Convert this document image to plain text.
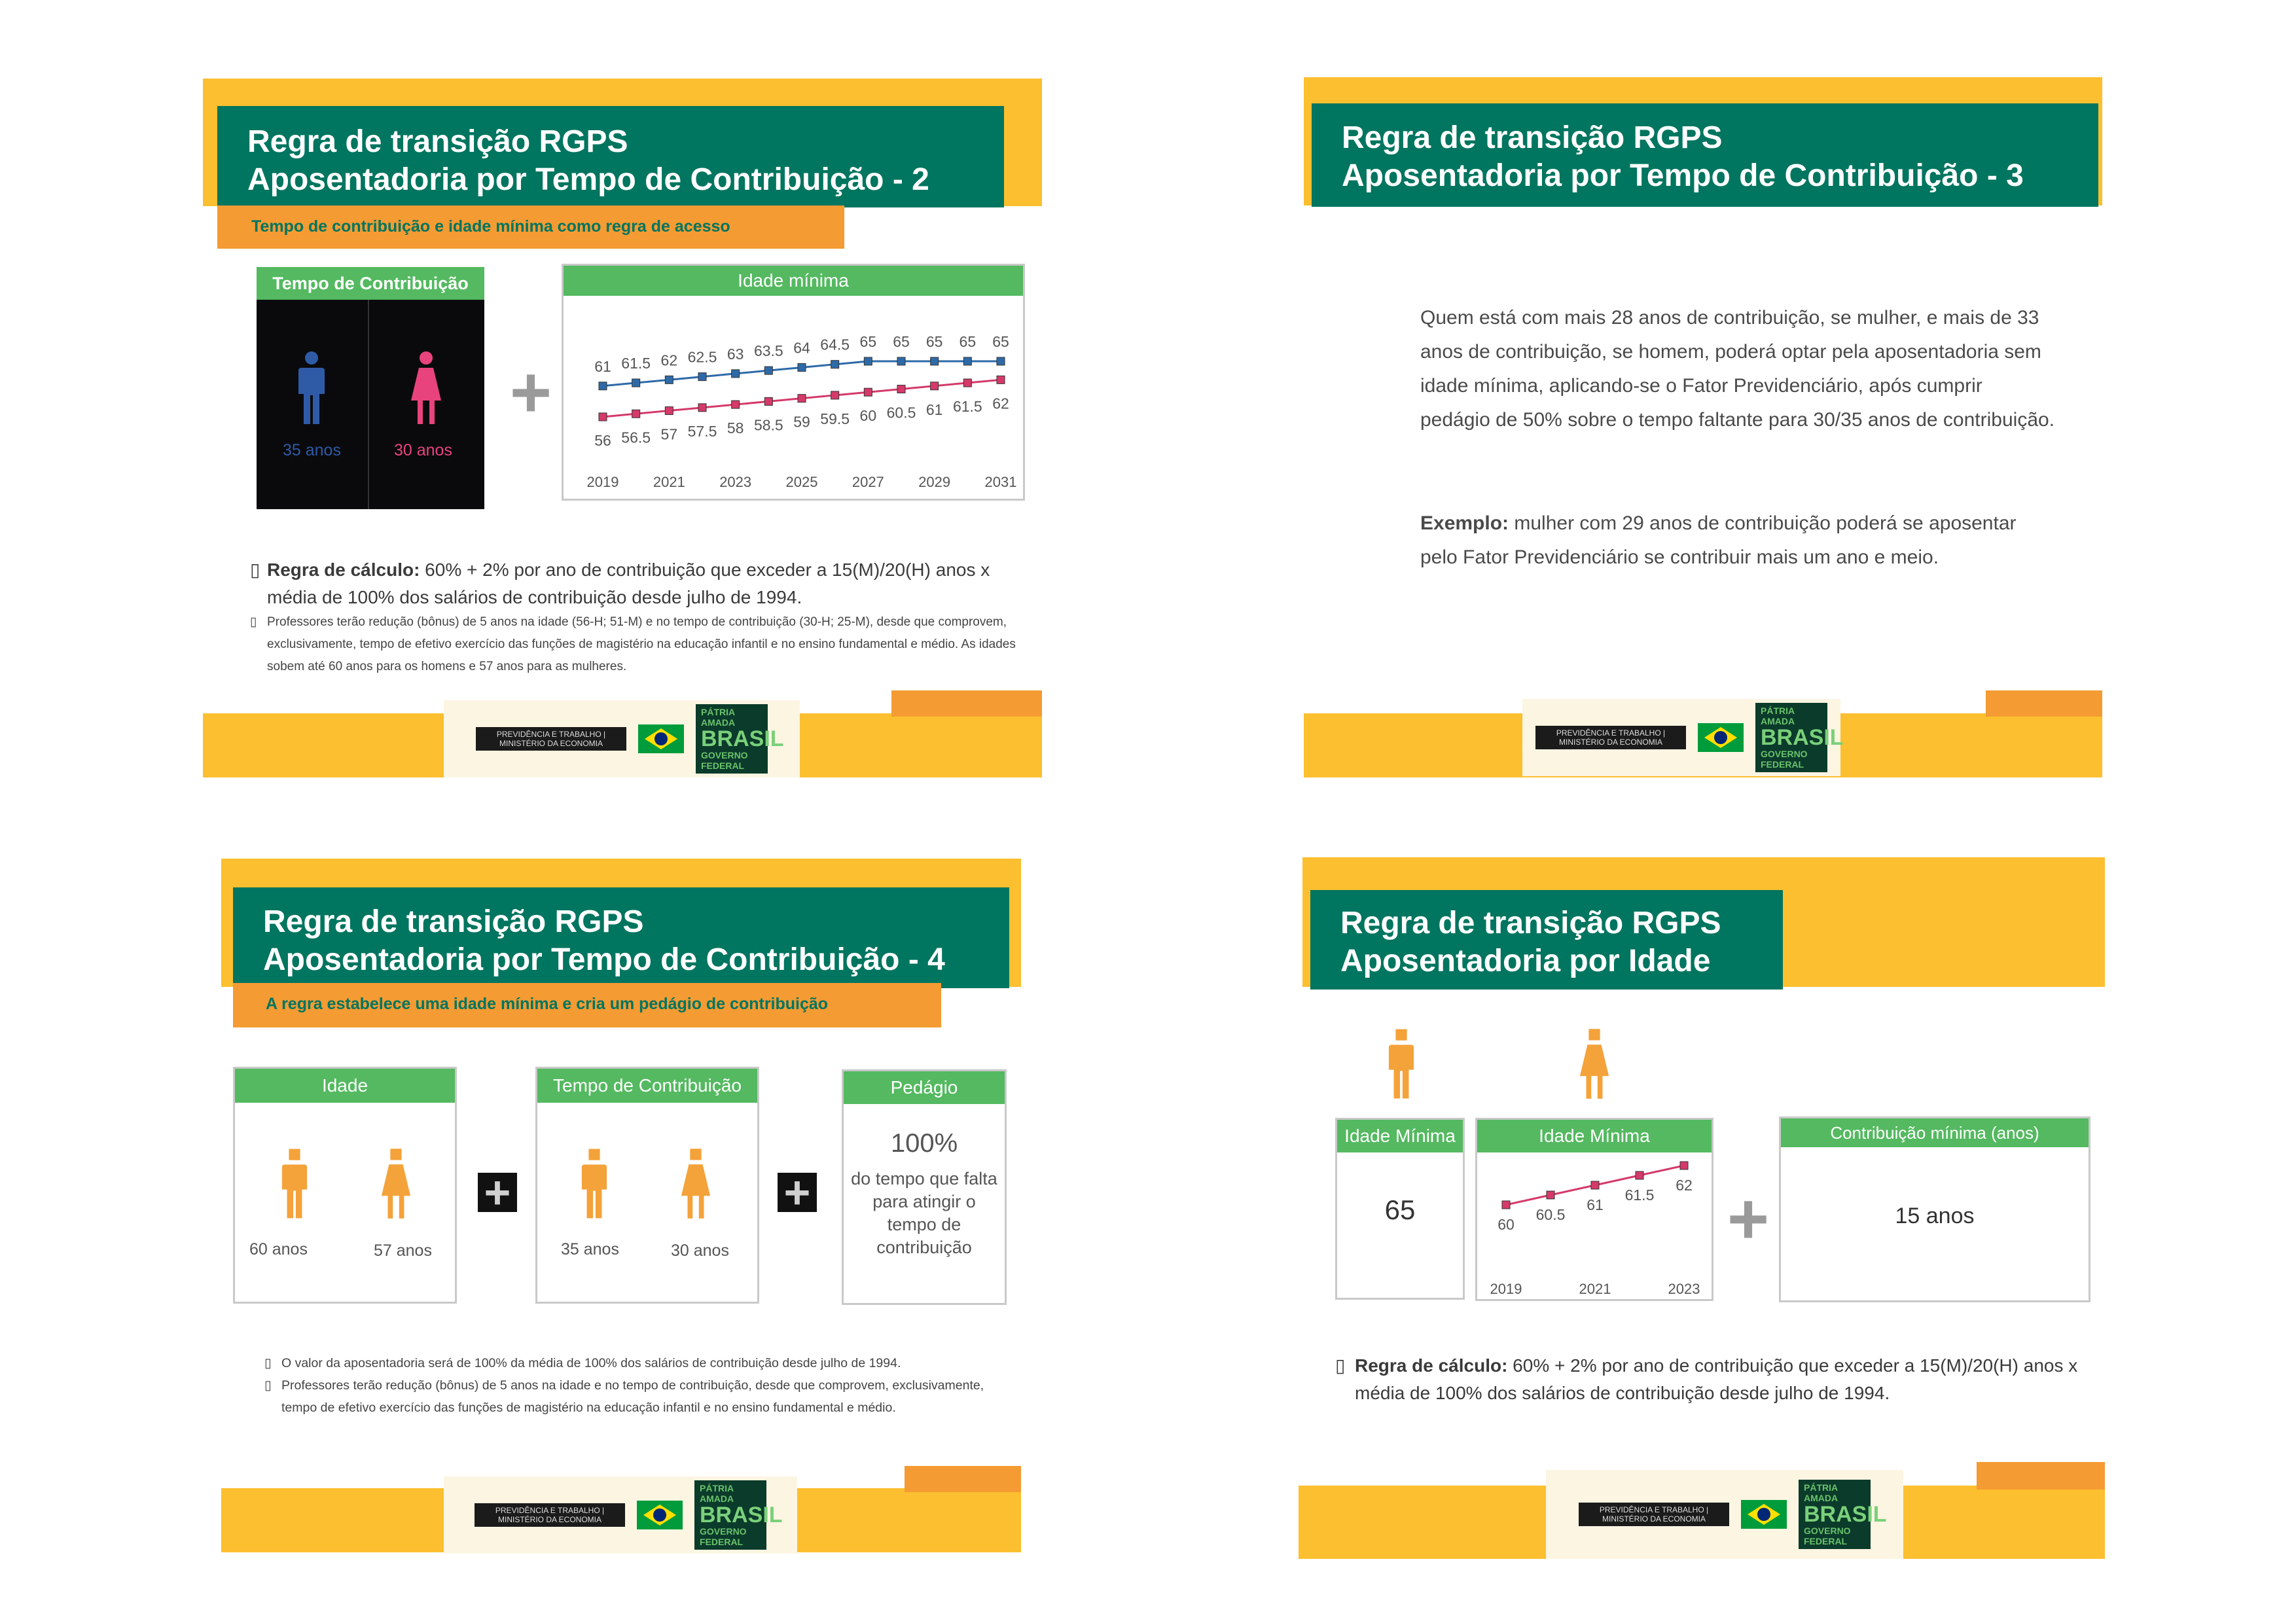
Regra de transição RGPS
Aposentadoria por Tempo de Contribuição - 2
Tempo de contribuição e idade mínima como regra de acesso
Tempo de Contribuição
35 anos	30 anos
+
Idade mínima
61 61.5 62 62.5 63 63.5 64 64.5 65 65 65 65 65
56 56.5 57 57.5 58 58.5 59 59.5 60 60.5 61 61.5 62
2019 2021 2023 2025 2027 2029 2031
▯ Regra de cálculo: 60% + 2% por ano de contribuição que exceder a 15(M)/20(H) anos x média de 100% dos salários de contribuição desde julho de 1994.
▯ Professores terão redução (bônus) de 5 anos na idade (56-H; 51-M) e no tempo de contribuição (30-H; 25-M), desde que comprovem, exclusivamente, tempo de efetivo exercício das funções de magistério na educação infantil e no ensino fundamental e médio. As idades sobem até 60 anos para os homens e 57 anos para as mulheres.
PREVIDÊNCIA E TRABALHO | MINISTÉRIO DA ECONOMIA
PÁTRIA AMADA
BRASIL
GOVERNO FEDERAL
Regra de transição RGPS
Aposentadoria por Tempo de Contribuição - 3
Quem está com mais 28 anos de contribuição, se mulher, e mais de 33 anos de contribuição, se homem, poderá optar pela aposentadoria sem idade mínima, aplicando-se o Fator Previdenciário, após cumprir pedágio de 50% sobre o tempo faltante para 30/35 anos de contribuição.
Exemplo: mulher com 29 anos de contribuição poderá se aposentar pelo Fator Previdenciário se contribuir mais um ano e meio.
PREVIDÊNCIA E TRABALHO | MINISTÉRIO DA ECONOMIA
PÁTRIA AMADA
BRASIL
GOVERNO FEDERAL
Regra de transição RGPS
Aposentadoria por Tempo de Contribuição - 4
A regra estabelece uma idade mínima e cria um pedágio de contribuição
Idade
60 anos	57 anos
+
Tempo de Contribuição
35 anos	30 anos
+
Pedágio
100%
do tempo que falta para atingir o tempo de contribuição
▯ O valor da aposentadoria será de 100% da média de 100% dos salários de contribuição desde julho de 1994.
▯ Professores terão redução (bônus) de 5 anos na idade e no tempo de contribuição, desde que comprovem, exclusivamente, tempo de efetivo exercício das funções de magistério na educação infantil e no ensino fundamental e médio.
PREVIDÊNCIA E TRABALHO | MINISTÉRIO DA ECONOMIA
PÁTRIA AMADA
BRASIL
GOVERNO FEDERAL
Regra de transição RGPS
Aposentadoria por Idade
Idade Mínima
65
Idade Mínima
60
60.5
61
61.5
62
2019	2021	2023
+
Contribuição mínima (anos)
15 anos
▯ Regra de cálculo: 60% + 2% por ano de contribuição que exceder a 15(M)/20(H) anos x média de 100% dos salários de contribuição desde julho de 1994.
PREVIDÊNCIA E TRABALHO | MINISTÉRIO DA ECONOMIA
PÁTRIA AMADA
BRASIL
GOVERNO FEDERAL
